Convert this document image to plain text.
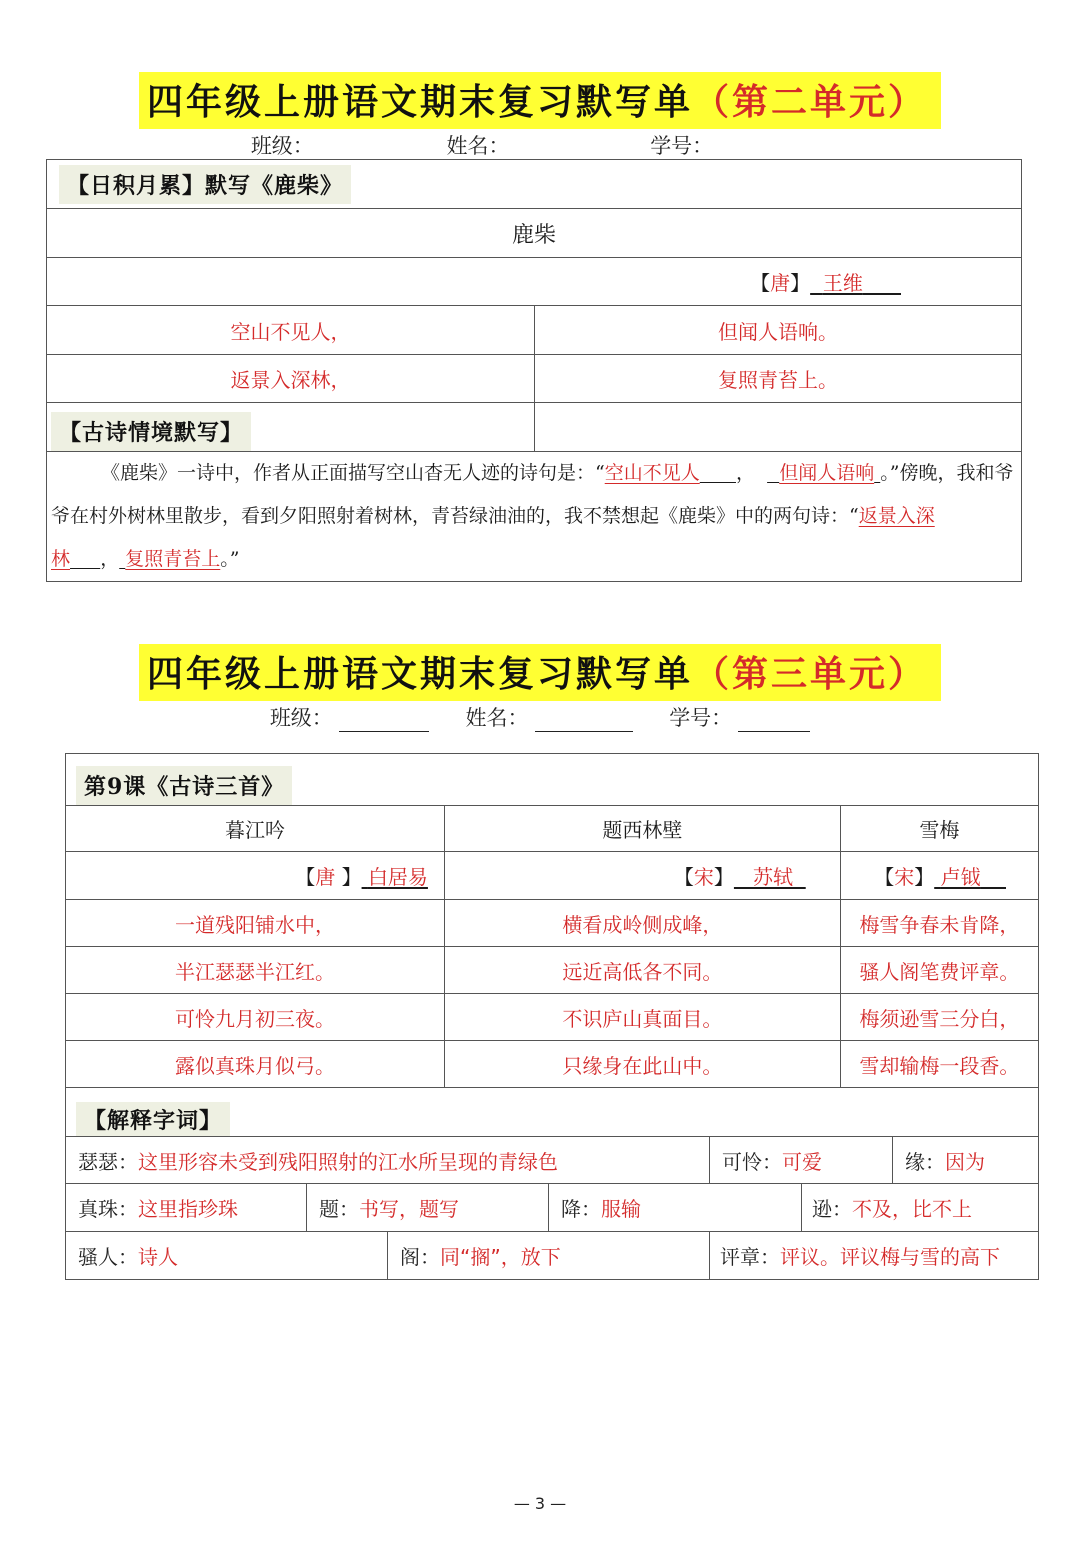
四年级上册语文期末复习默写单（第二单元）
班级：	姓名：	学号：
【日积月累】默写《鹿柴》	
鹿柴	
【唐】 王维	
空山不见人，	但闻人语响。
返景入深林，	复照青苔上。
【古诗情境默写】	

《鹿柴》一诗中，作者从正面描写空山杳无人迹的诗句是：“空山不见人 ， 但闻人语响 。”傍晚，我和爷爷在村外树林里散步，看到夕阳照射着树林，青苔绿油油的，我不禁想起《鹿柴》中的两句诗：“返景入深林 ， 复照青苔上。”	
四年级上册语文期末复习默写单（第三单元）
班级：	姓名：	学号：
第9课《古诗三首》		
暮江吟	题西林壁	雪梅
【唐 】 白居易	【宋】 苏轼	【宋】 卢钺
一道残阳铺水中，	横看成岭侧成峰，	梅雪争春未肯降，
半江瑟瑟半江红。	远近高低各不同。	骚人阁笔费评章。
可怜九月初三夜。	不识庐山真面目。	梅须逊雪三分白，
露似真珠月似弓。	只缘身在此山中。	雪却输梅一段香。
【解释字词】
瑟瑟：这里形容未受到残阳照射的江水所呈现的青绿色	可怜：可爱	缘：因为
真珠：这里指珍珠	题：书写，题写	降：服输	逊：不及，比不上
骚人：诗人	阁：同“搁”，放下	评章：评议。评议梅与雪的高下
— 3 —
